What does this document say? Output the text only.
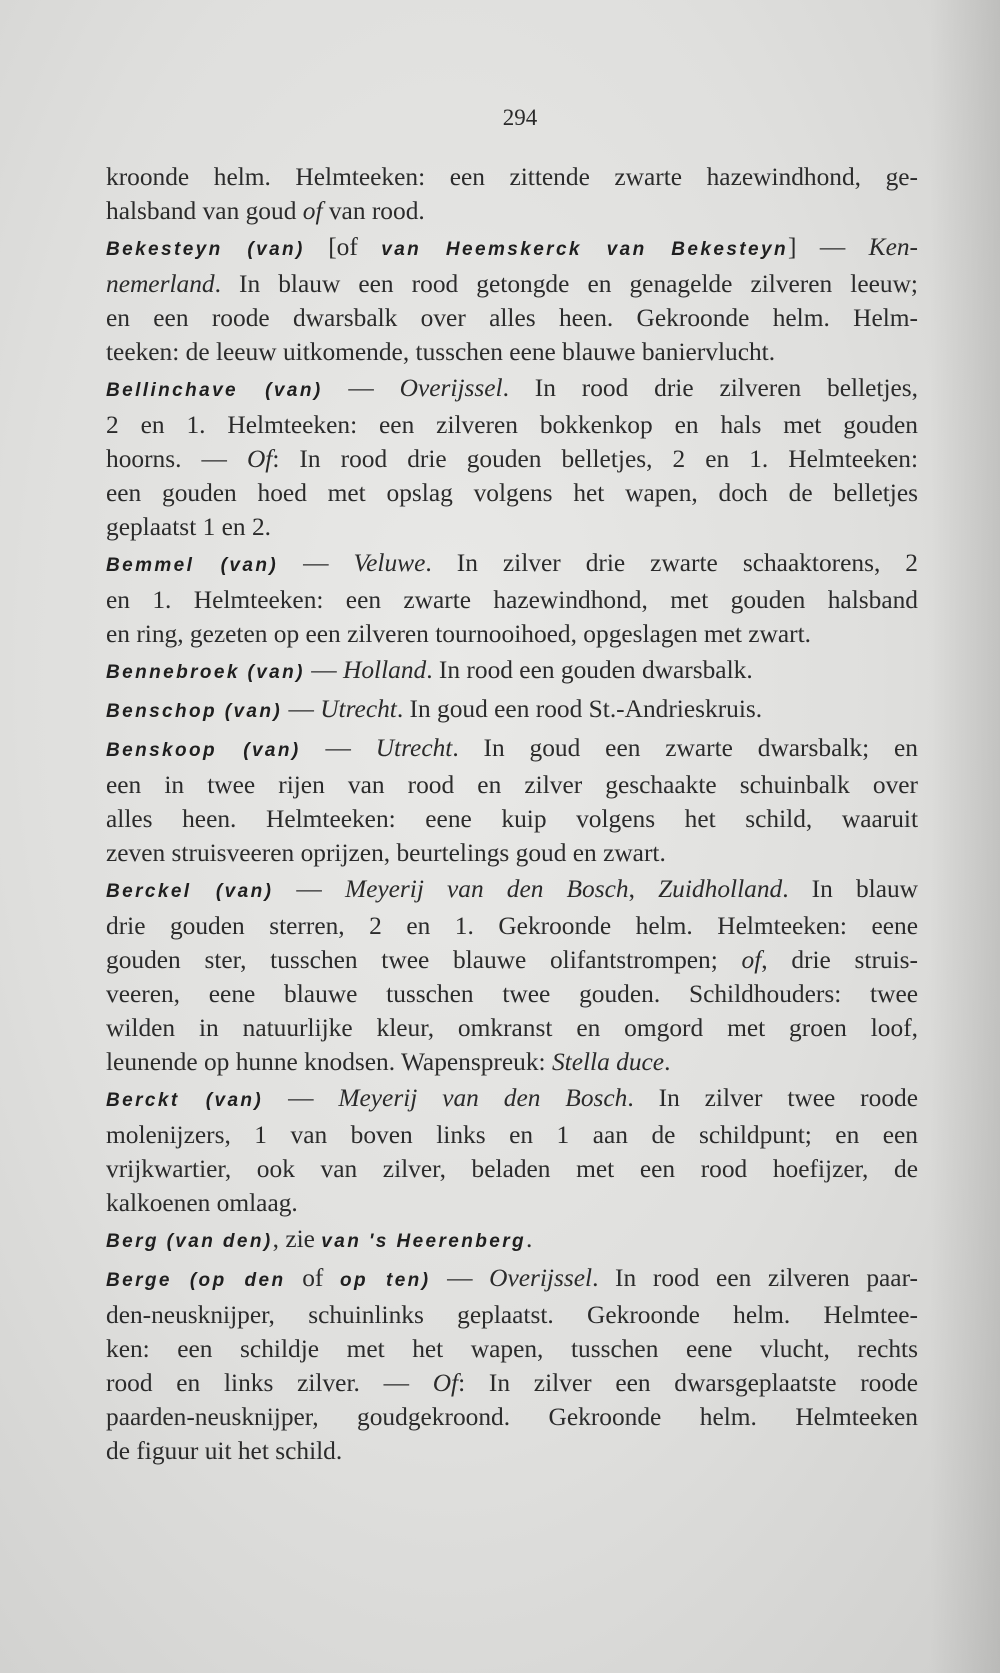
294
kroonde helm. Helmteeken: een zittende zwarte hazewindhond, ge-
halsband van goud of van rood.
Bekesteyn (van) [of van Heemskerck van Bekesteyn] — Ken-
nemerland. In blauw een rood getongde en genagelde zilveren leeuw;
en een roode dwarsbalk over alles heen. Gekroonde helm. Helm-
teeken: de leeuw uitkomende, tusschen eene blauwe baniervlucht.
Bellinchave (van) — Overijssel. In rood drie zilveren belletjes,
2 en 1. Helmteeken: een zilveren bokkenkop en hals met gouden
hoorns. — Of: In rood drie gouden belletjes, 2 en 1. Helmteeken:
een gouden hoed met opslag volgens het wapen, doch de belletjes
geplaatst 1 en 2.
Bemmel (van) — Veluwe. In zilver drie zwarte schaaktorens, 2
en 1. Helmteeken: een zwarte hazewindhond, met gouden halsband
en ring, gezeten op een zilveren tournooihoed, opgeslagen met zwart.
Bennebroek (van) — Holland. In rood een gouden dwarsbalk.
Benschop (van) — Utrecht. In goud een rood St.-Andrieskruis.
Benskoop (van) — Utrecht. In goud een zwarte dwarsbalk; en
een in twee rijen van rood en zilver geschaakte schuinbalk over
alles heen. Helmteeken: eene kuip volgens het schild, waaruit
zeven struisveeren oprijzen, beurtelings goud en zwart.
Berckel (van) — Meyerij van den Bosch, Zuidholland. In blauw
drie gouden sterren, 2 en 1. Gekroonde helm. Helmteeken: eene
gouden ster, tusschen twee blauwe olifantstrompen; of, drie struis-
veeren, eene blauwe tusschen twee gouden. Schildhouders: twee
wilden in natuurlijke kleur, omkranst en omgord met groen loof,
leunende op hunne knodsen. Wapenspreuk: Stella duce.
Berckt (van) — Meyerij van den Bosch. In zilver twee roode
molenijzers, 1 van boven links en 1 aan de schildpunt; en een
vrijkwartier, ook van zilver, beladen met een rood hoefijzer, de
kalkoenen omlaag.
Berg (van den), zie van 's Heerenberg.
Berge (op den of op ten) — Overijssel. In rood een zilveren paar-
den-neusknijper, schuinlinks geplaatst. Gekroonde helm. Helmtee-
ken: een schildje met het wapen, tusschen eene vlucht, rechts
rood en links zilver. — Of: In zilver een dwarsgeplaatste roode
paarden-neusknijper, goudgekroond. Gekroonde helm. Helmteeken
de figuur uit het schild.
